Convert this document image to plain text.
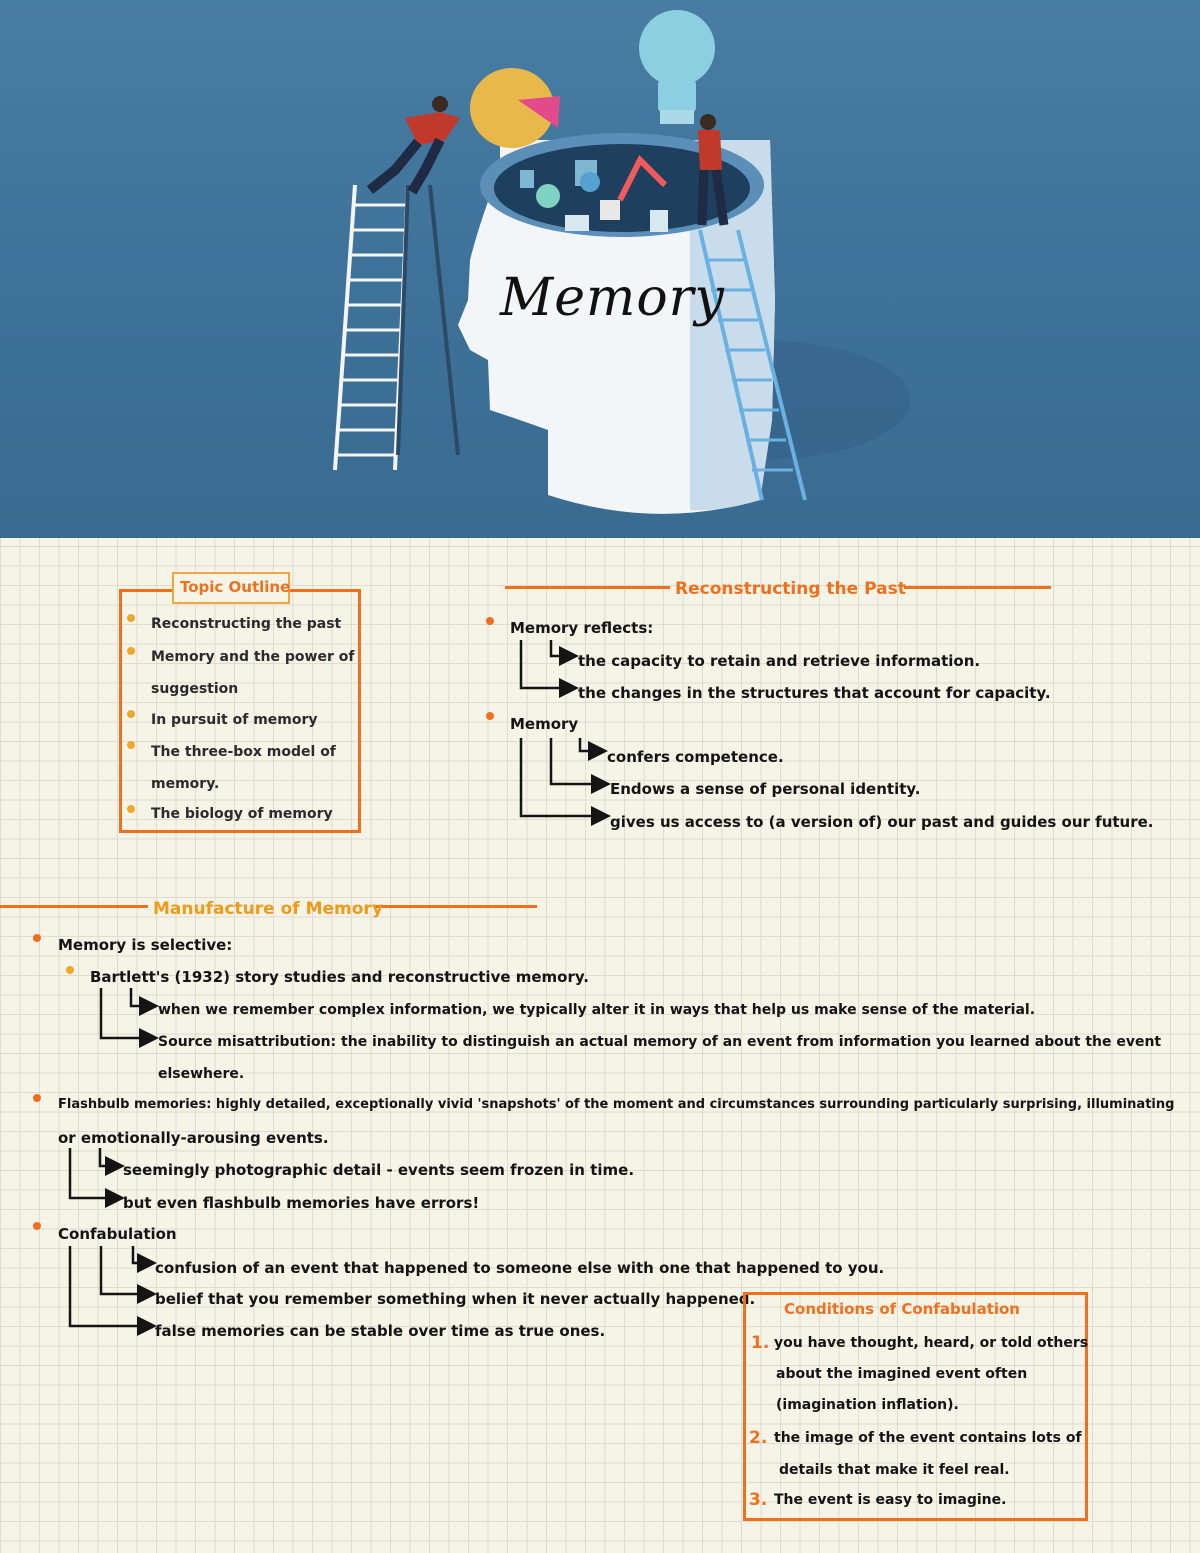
Memory
Topic Outline
Reconstructing the past
Memory and the power of
suggestion
In pursuit of memory
The three-box model of
memory.
The biology of memory
Reconstructing the Past
Memory reflects:
the capacity to retain and retrieve information.
the changes in the structures that account for capacity.
Memory
confers competence.
Endows a sense of personal identity.
gives us access to (a version of) our past and guides our future.
Manufacture of Memory
Memory is selective:
Bartlett's (1932) story studies and reconstructive memory.
when we remember complex information, we typically alter it in ways that help us make sense of the material.
Source misattribution: the inability to distinguish an actual memory of an event from information you learned about the event
elsewhere.
Flashbulb memories: highly detailed, exceptionally vivid 'snapshots' of the moment and circumstances surrounding particularly surprising, illuminating
or emotionally-arousing events.
seemingly photographic detail - events seem frozen in time.
but even flashbulb memories have errors!
Confabulation
confusion of an event that happened to someone else with one that happened to you.
belief that you remember something when it never actually happened.
false memories can be stable over time as true ones.
Conditions of Confabulation
1. you have thought, heard, or told others
about the imagined event often
(imagination inflation).
2. the image of the event contains lots of
details that make it feel real.
3. The event is easy to imagine.
